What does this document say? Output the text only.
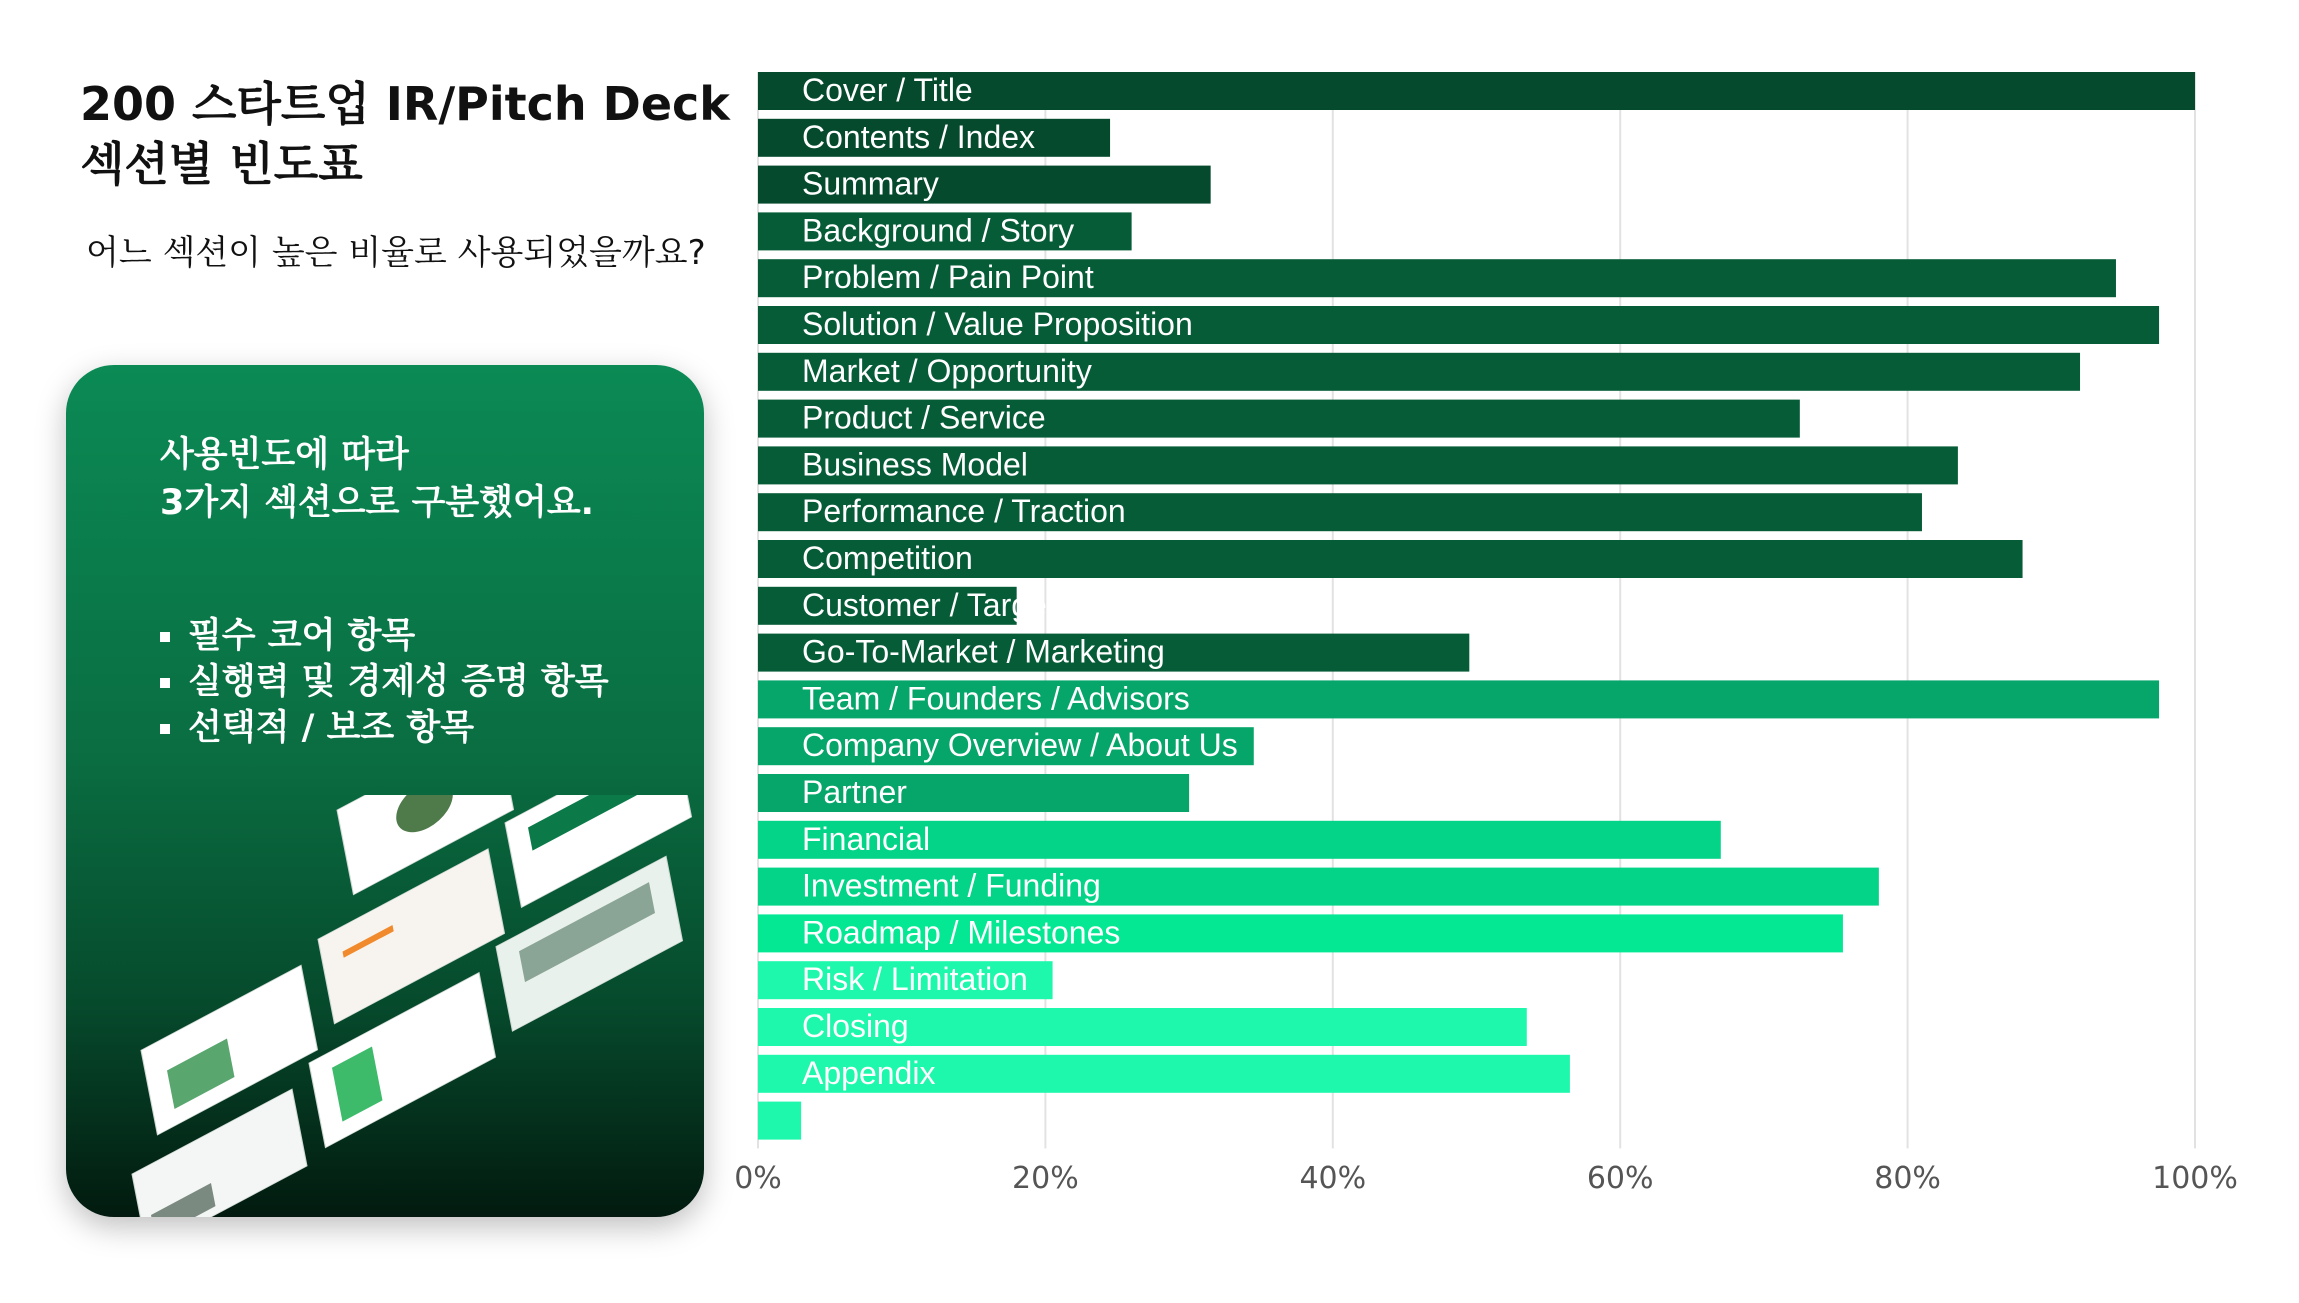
200 스타트업 IR/Pitch Deck
섹션별 빈도표
어느 섹션이 높은 비율로 사용되었을까요?
사용빈도에 따라
3가지 섹션으로 구분했어요.
필수 코어 항목
실행력 및 경제성 증명 항목
선택적 / 보조 항목
Cover / Title
Contents / Index
Summary
Background / Story
Problem / Pain Point
Solution / Value Proposition
Market / Opportunity
Product / Service
Business Model
Performance / Traction
Competition
Customer / Target
Go-To-Market / Marketing
Team / Founders / Advisors
Company Overview / About Us
Partner
Financial
Investment / Funding
Roadmap / Milestones
Risk / Limitation
Closing
Appendix
Other
0%	20%	40%	60%	80%	100%
